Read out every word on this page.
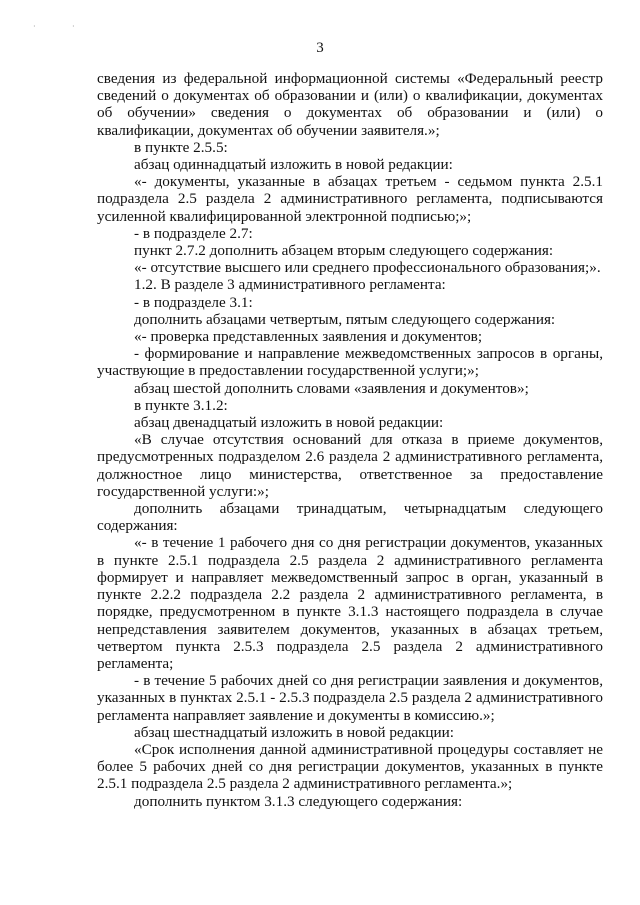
·	·
3

сведения из федеральной информационной системы «Федеральный реестр сведений о документах об образовании и (или) о квалификации, документах об обучении» сведения о документах об образовании и (или) о квалификации, документах об обучении заявителя.»;

в пункте 2.5.5:

абзац одиннадцатый изложить в новой редакции:

«- документы, указанные в абзацах третьем - седьмом пункта 2.5.1 подраздела 2.5 раздела 2 административного регламента, подписываются усиленной квалифицированной электронной подписью;»;

- в подразделе 2.7:

пункт 2.7.2 дополнить абзацем вторым следующего содержания:

«- отсутствие высшего или среднего профессионального образования;».

1.2. В разделе 3 административного регламента:

- в подразделе 3.1:

дополнить абзацами четвертым, пятым следующего содержания:

«- проверка представленных заявления и документов;

- формирование и направление межведомственных запросов в органы, участвующие в предоставлении государственной услуги;»;

абзац шестой дополнить словами «заявления и документов»;

в пункте 3.1.2:

абзац двенадцатый изложить в новой редакции:

«В случае отсутствия оснований для отказа в приеме документов, предусмотренных подразделом 2.6 раздела 2 административного регламента, должностное лицо министерства, ответственное за предоставление государственной услуги:»;

дополнить абзацами тринадцатым, четырнадцатым следующего содержания:

«- в течение 1 рабочего дня со дня регистрации документов, указанных в пункте 2.5.1 подраздела 2.5 раздела 2 административного регламента формирует и направляет межведомственный запрос в орган, указанный в пункте 2.2.2 подраздела 2.2 раздела 2 административного регламента, в порядке, предусмотренном в пункте 3.1.3 настоящего подраздела в случае непредставления заявителем документов, указанных в абзацах третьем, четвертом пункта 2.5.3 подраздела 2.5 раздела 2 административного регламента;

- в течение 5 рабочих дней со дня регистрации заявления и документов, указанных в пунктах 2.5.1 - 2.5.3 подраздела 2.5 раздела 2 административного регламента направляет заявление и документы в комиссию.»;

абзац шестнадцатый изложить в новой редакции:

«Срок исполнения данной административной процедуры составляет не более 5 рабочих дней со дня регистрации документов, указанных в пункте 2.5.1 подраздела 2.5 раздела 2 административного регламента.»;

дополнить пунктом 3.1.3 следующего содержания:
